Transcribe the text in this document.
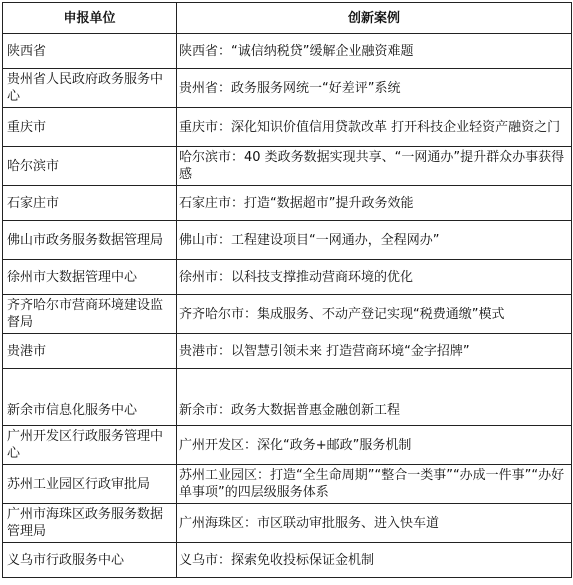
申报单位	创新案例
陕西省	陕西省：“诚信纳税贷”缓解企业融资难题
贵州省人民政府政务服务中心	贵州省：政务服务网统一“好差评”系统
重庆市	重庆市：深化知识价值信用贷款改革 打开科技企业轻资产融资之门
哈尔滨市	哈尔滨市：40 类政务数据实现共享、“一网通办”提升群众办事获得感
石家庄市	石家庄市：打造“数据超市”提升政务效能
佛山市政务服务数据管理局	佛山市：工程建设项目“一网通办，全程网办”
徐州市大数据管理中心	徐州市：以科技支撑推动营商环境的优化
齐齐哈尔市营商环境建设监督局	齐齐哈尔市：集成服务、不动产登记实现“税费通缴”模式
贵港市	贵港市：以智慧引领未来 打造营商环境“金字招牌”
新余市信息化服务中心	新余市：政务大数据普惠金融创新工程
广州开发区行政服务管理中心	广州开发区：深化“政务+邮政”服务机制
苏州工业园区行政审批局	苏州工业园区：打造“全生命周期”“整合一类事”“办成一件事”“办好单事项”的四层级服务体系
广州市海珠区政务服务数据管理局	广州海珠区：市区联动审批服务、进入快车道
义乌市行政服务中心	义乌市：探索免收投标保证金机制
